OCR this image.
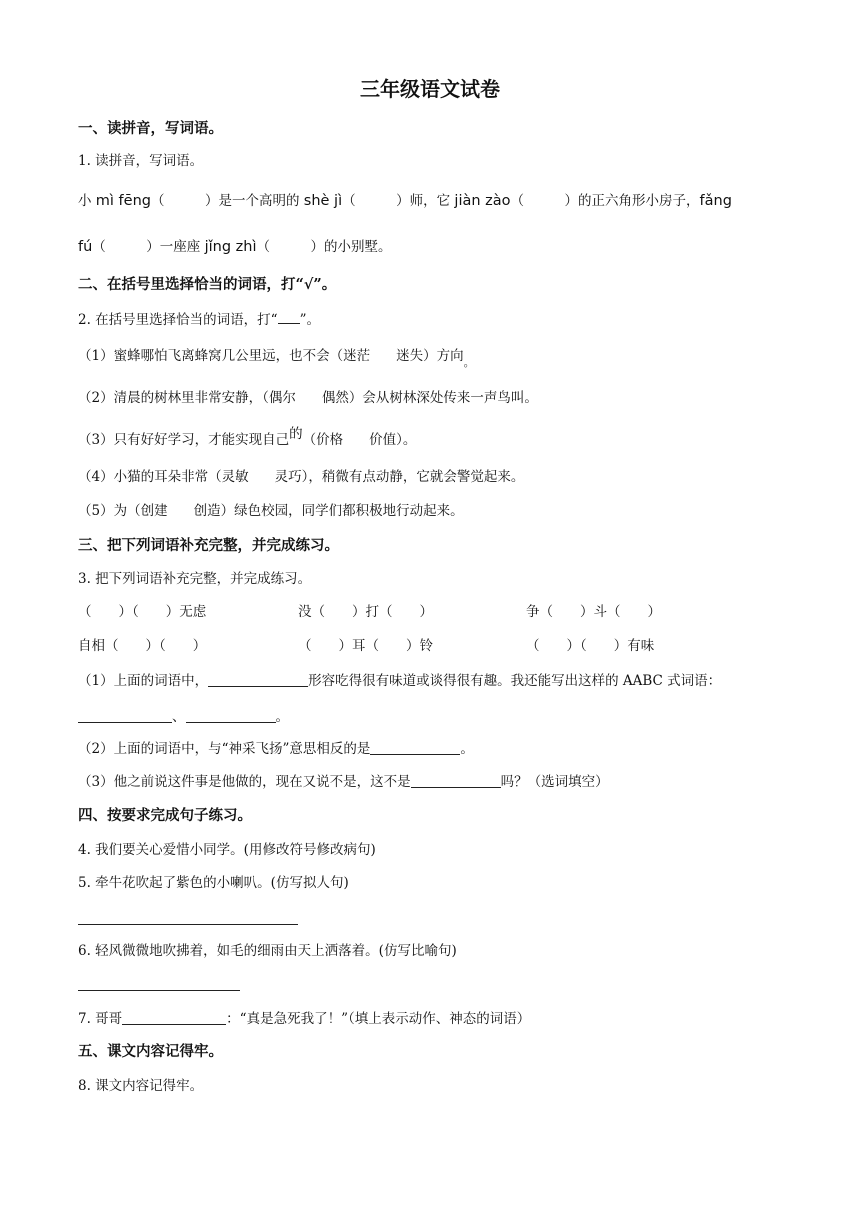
三年级语文试卷
一、读拼音，写词语。
1. 读拼音，写词语。
小 mì fēng（　　　）是一个高明的 shè jì（　　　）师，它 jiàn zào（　　　）的正六角形小房子，fǎng
fú（　　　）一座座 jǐng zhì（　　　）的小别墅。
二、在括号里选择恰当的词语，打“√”。
2. 在括号里选择恰当的词语，打“ ”。
（1）蜜蜂哪怕飞离蜂窝几公里远，也不会（迷茫 迷失）方向$_。$
（2）清晨的树林里非常安静，（偶尔 偶然）会从树林深处传来一声鸟叫。
（3）只有好好学习，才能实现自己的（价格 价值）。
（4）小猫的耳朵非常（灵敏 灵巧），稍微有点动静，它就会警觉起来。
（5）为（创建 创造）绿色校园，同学们都积极地行动起来。
三、把下列词语补充完整，并完成练习。
3. 把下列词语补充完整，并完成练习。
（　　）（　　）无虑	没（　　）打（　　）	争（　　）斗（　　）
自相（　　）（　　）	（　　）耳（　　）铃	（　　）（　　）有味
（1）上面的词语中，	形容吃得很有味道或谈得很有趣。我还能写出这样的 AABC 式词语：
、	。
（2）上面的词语中，与“神采飞扬”意思相反的是	。
（3）他之前说这件事是他做的，现在又说不是，这不是	吗？（选词填空）
四、按要求完成句子练习。
4. 我们要关心爱惜小同学。(用修改符号修改病句)
5. 牵牛花吹起了紫色的小喇叭。(仿写拟人句)
6. 轻风微微地吹拂着，如毛的细雨由天上洒落着。(仿写比喻句)
7. 哥哥	：“真是急死我了！”（填上表示动作、神态的词语）
五、课文内容记得牢。
8. 课文内容记得牢。
